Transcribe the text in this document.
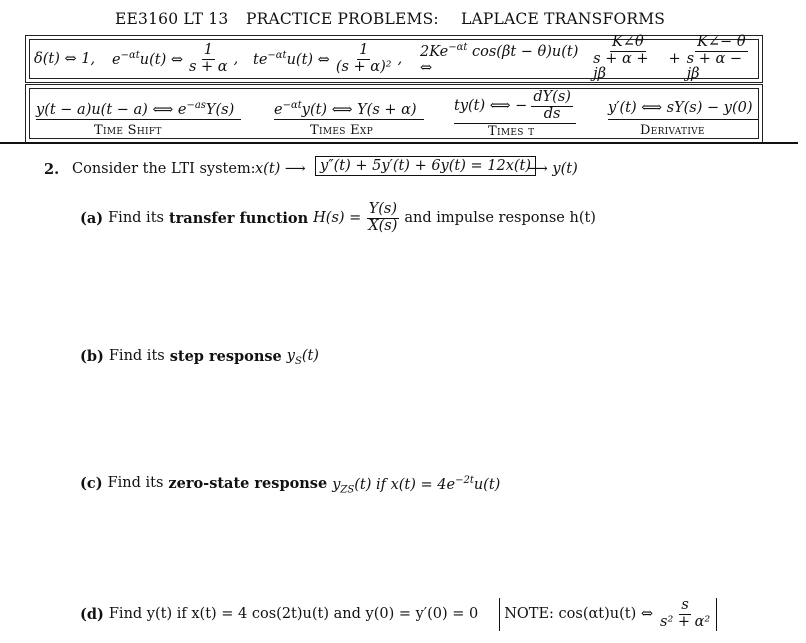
EE3160 LT 13 PRACTICE PROBLEMS: LAPLACE TRANSFORMS
δ(t) ⇔ 1, $e^{-\alpha t}u(t)$ ⇔ $\frac{1}{s + \alpha}$ , $te^{-\alpha t}u(t)$ ⇔ $\frac{1}{\text{(s + α)²}}$ , $2Ke^{-\alpha t}$ cos(βt − θ)u(t) ⇔	$\frac{K\angle\theta}{s + \alpha + j\beta} + \frac{K\angle- \theta}{s + \alpha - j\beta}$
y(t − a)u(t − a) ⟺ $e^{-as}Y(s)$
Time Shift
$e^{-\alpha t}y(t)$ ⟺ Y(s + α)
Times Exp
ty(t) ⟺ − $\frac{dY(s)}{ds}$
Times t
y′(t) ⟺ sY(s) − y(0)
Derivative
2. Consider the LTI system: x(t) ⟶ y″(t) + 5y′(t) + 6y(t) = 12x(t)
⟶ y(t)
(a) Find its transfer function $H(s) = \frac{Y(s)}{X(s)}$ and impulse response h(t)
(b) Find its step response $y_S(t)$
(c) Find its zero-state response $y_{ZS}(t)$ if $x(t) = 4e^{-2t}u(t)$
(d) Find y(t) if x(t) = 4 cos(2t)u(t) and y(0) = y′(0) = 0 NOTE: cos(αt)u(t) ⇔ $\frac{s}{\text{s² + α²}}$
